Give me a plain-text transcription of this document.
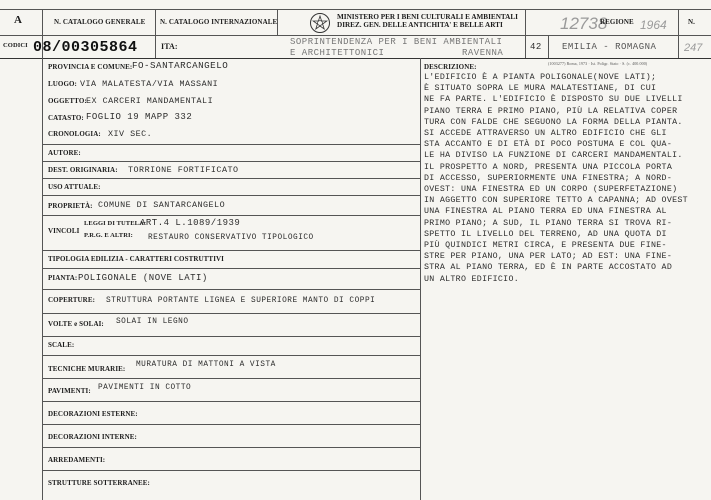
A	N. CATALOGO GENERALE N. CATALOGO INTERNAZIONALE
MINISTERO PER I BENI CULTURALI E AMBIENTALI
DIREZ. GEN. DELLE ANTICHITA' E BELLE ARTI	12738
REGIONE 1964	N.
CODICI 08/00305864	ITA:	SOPRINTENDENZA PER I BENI AMBIENTALI
E ARCHITETTONICI	RAVENNA
42 EMILIA - ROMAGNA	247
(1003277) Roma, 1973 · Ist. Poligr. Stato · S. (c. 400.000)
PROVINCIA E COMUNE: FO-SANTARCANGELO
LUOGO: VIA MALATESTA/VIA MASSANI
OGGETTO: EX CARCERI MANDAMENTALI
CATASTO: FOGLIO 19 MAPP 332
CRONOLOGIA: XIV SEC.
AUTORE:
DEST. ORIGINARIA: TORRIONE FORTIFICATO
USO ATTUALE:
PROPRIETÀ: COMUNE DI SANTARCANGELO
VINCOLI
LEGGI DI TUTELA:
ART.4 L.1089/1939
P.R.G. E ALTRI: RESTAURO CONSERVATIVO TIPOLOGICO
TIPOLOGIA EDILIZIA - CARATTERI COSTRUTTIVI
PIANTA: POLIGONALE (NOVE LATI)
COPERTURE: STRUTTURA PORTANTE LIGNEA E SUPERIORE MANTO DI COPPI
VOLTE e SOLAI: SOLAI IN LEGNO
SCALE:
TECNICHE MURARIE: MURATURA DI MATTONI A VISTA
PAVIMENTI: PAVIMENTI IN COTTO
DECORAZIONI ESTERNE:
DECORAZIONI INTERNE:
ARREDAMENTI:
STRUTTURE SOTTERRANEE:
DESCRIZIONE:
L'EDIFICIO È A PIANTA POLIGONALE(NOVE LATI);
È SITUATO SOPRA LE MURA MALATESTIANE, DI CUI
NE FA PARTE. L'EDIFICIO È DISPOSTO SU DUE LIVELLI
PIANO TERRA E PRIMO PIANO, PIÙ LA RELATIVA COPER
TURA CON FALDE CHE SEGUONO LA FORMA DELLA PIANTA.
SI ACCEDE ATTRAVERSO UN ALTRO EDIFICIO CHE GLI
STA ACCANTO E DI ETÀ DI POCO POSTUMA E COL QUA-
LE HA DIVISO LA FUNZIONE DI CARCERI MANDAMENTALI.
IL PROSPETTO A NORD, PRESENTA UNA PICCOLA PORTA
DI ACCESSO, SUPERIORMENTE UNA FINESTRA; A NORD-
OVEST: UNA FINESTRA ED UN CORPO (SUPERFETAZIONE)
IN AGGETTO CON SUPERIORE TETTO A CAPANNA; AD OVEST
UNA FINESTRA AL PIANO TERRA ED UNA FINESTRA AL
PRIMO PIANO; A SUD, IL PIANO TERRA SI TROVA RI-
SPETTO IL LIVELLO DEL TERRENO, AD UNA QUOTA DI
PIÙ QUINDICI METRI CIRCA, E PRESENTA DUE FINE-
STRE PER PIANO, UNA PER LATO; AD EST: UNA FINE-
STRA AL PIANO TERRA, ED È IN PARTE ACCOSTATO AD
UN ALTRO EDIFICIO.
